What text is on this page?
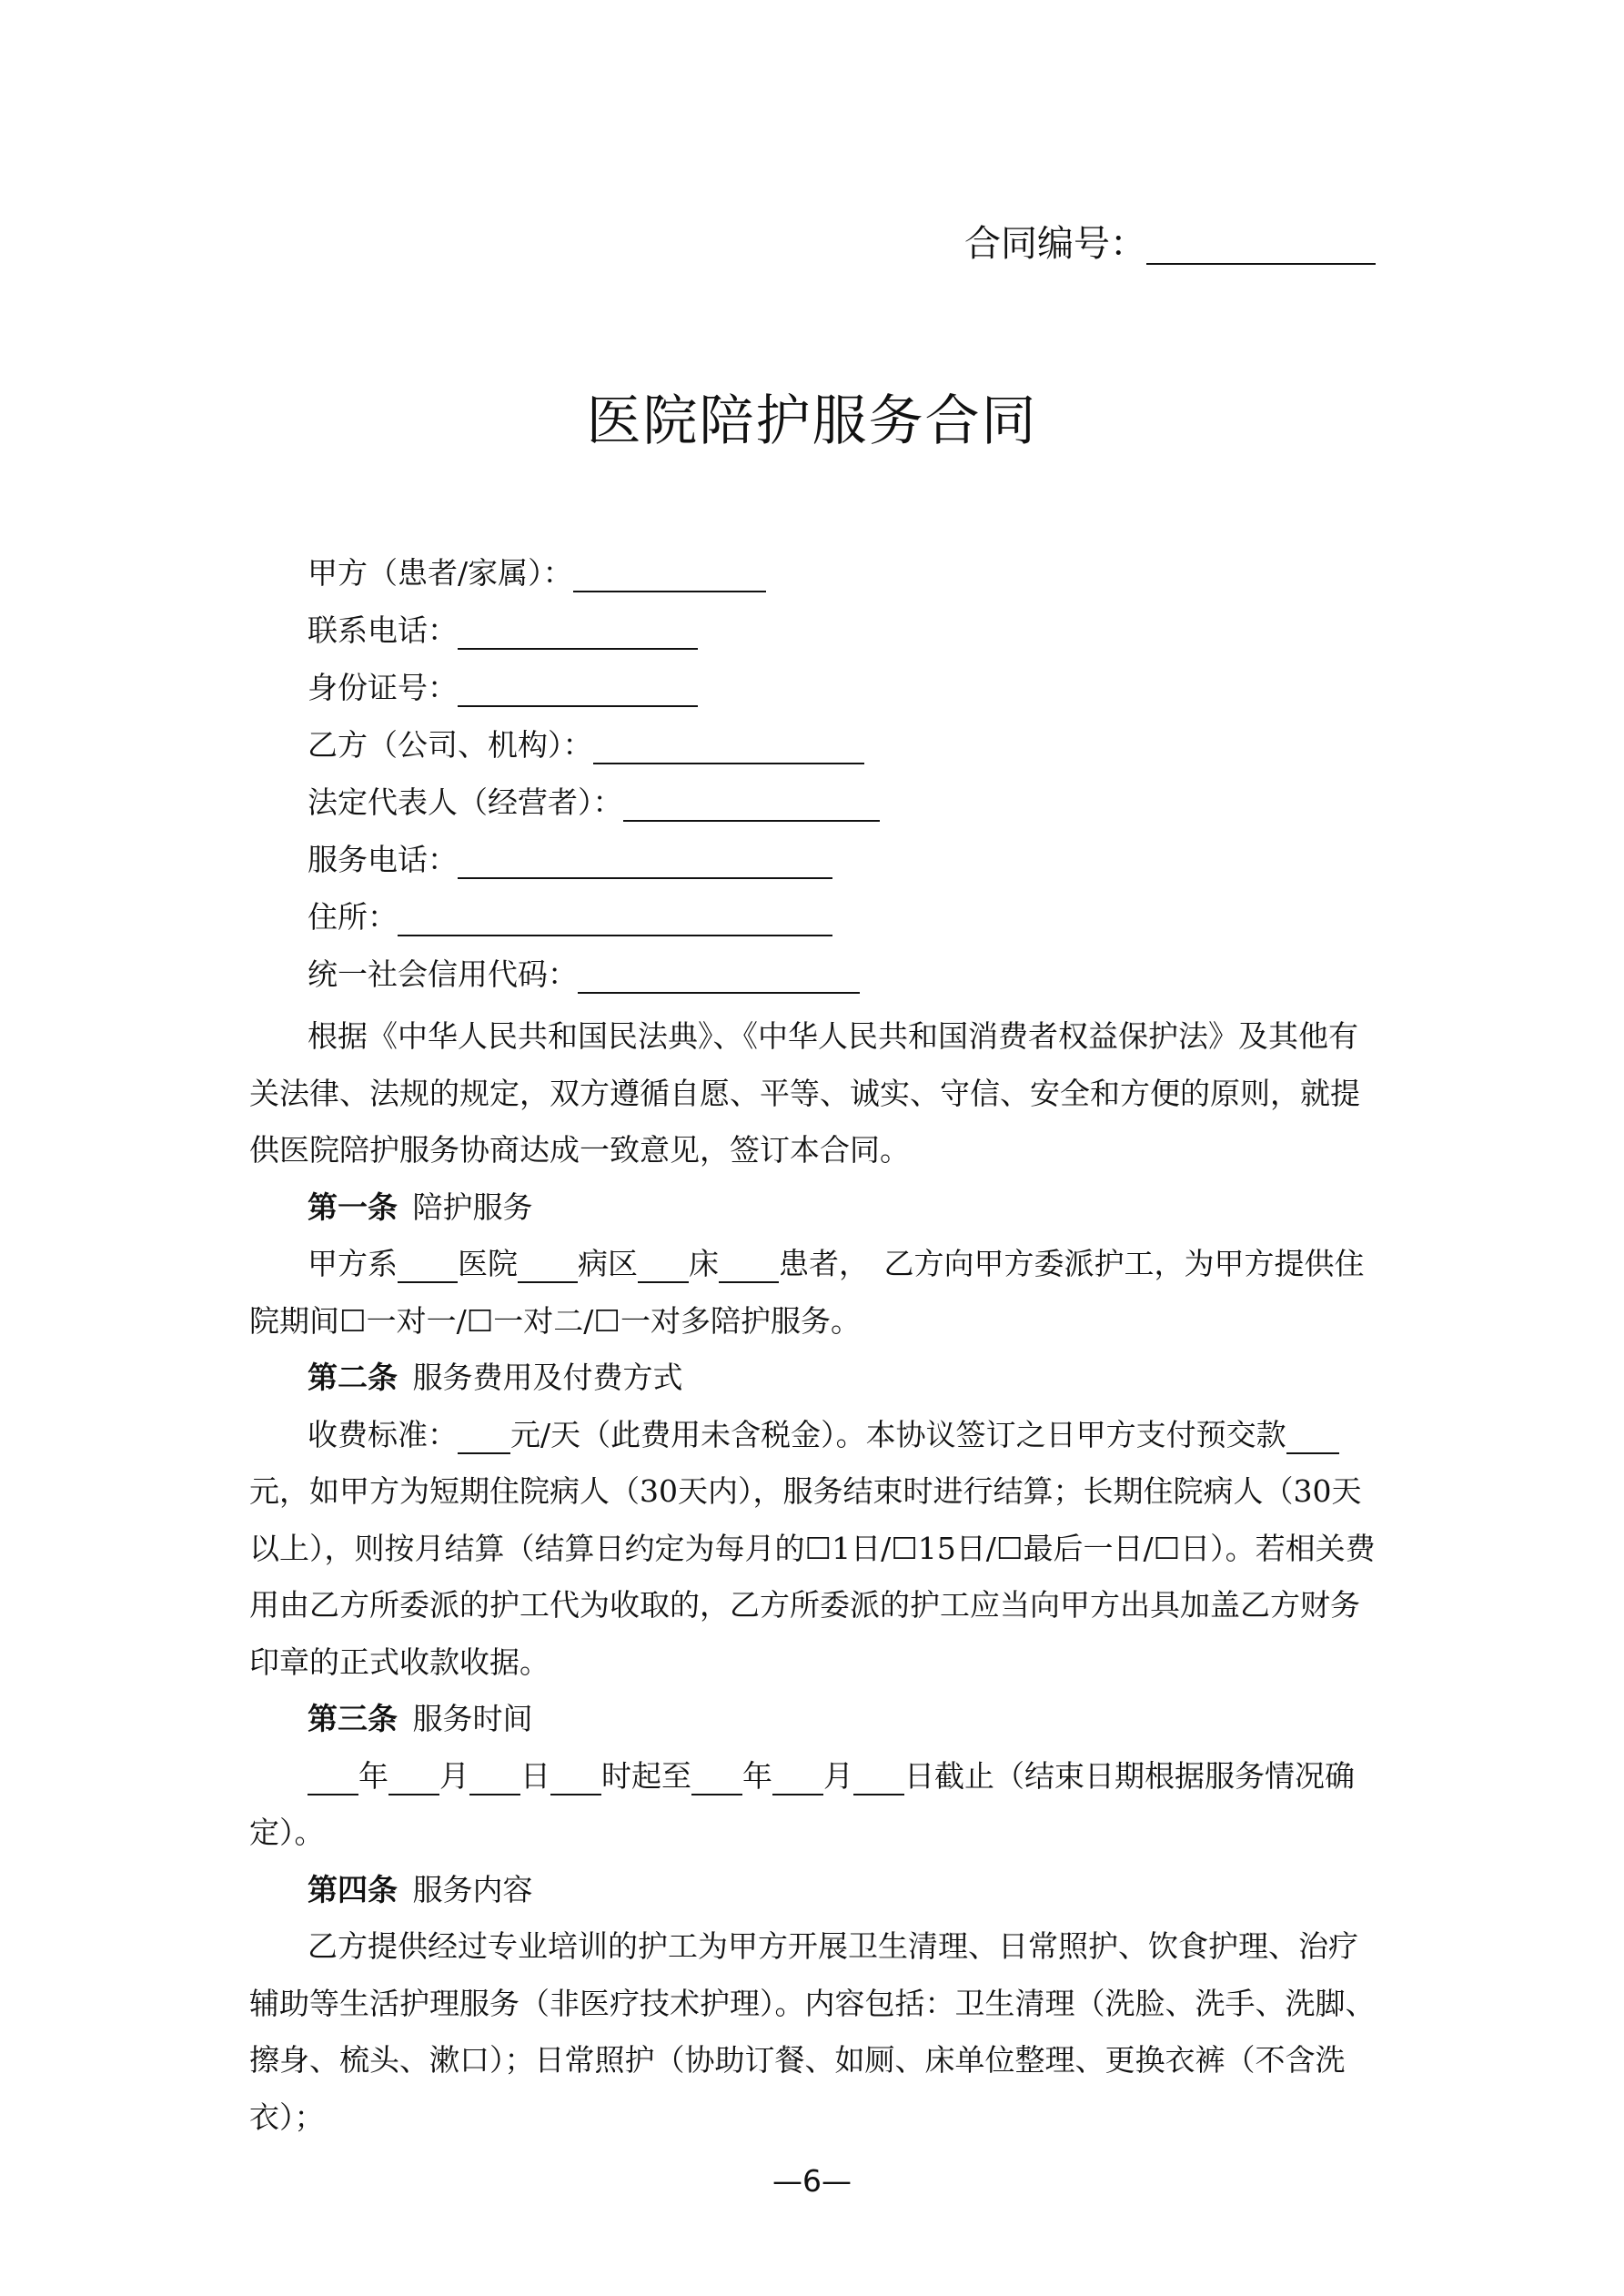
合同编号：
医院陪护服务合同
甲方（患者/家属）：
联系电话：
身份证号：
乙方（公司、机构）：
法定代表人（经营者）：
服务电话：
住所：
统一社会信用代码：

根据《中华人民共和国民法典》、《中华人民共和国消费者权益保护法》及其他有关法律、法规的规定，双方遵循自愿、平等、诚实、守信、安全和方便的原则，就提供医院陪护服务协商达成一致意见，签订本合同。

第一条  陪护服务

甲方系 医院 病区 床 患者，　乙方向甲方委派护工，为甲方提供住院期间☐一对一/☐一对二/☐一对多陪护服务。

第二条  服务费用及付费方式

收费标准： 元/天（此费用未含税金）。本协议签订之日甲方支付预交款元，如甲方为短期住院病人（30天内），服务结束时进行结算；长期住院病人（30天以上），则按月结算（结算日约定为每月的☐1日/☐15日/☐最后一日/☐日）。若相关费用由乙方所委派的护工代为收取的，乙方所委派的护工应当向甲方出具加盖乙方财务印章的正式收款收据。

第三条  服务时间

年 月 日 时起至 年 月 日截止（结束日期根据服务情况确定）。

第四条  服务内容

乙方提供经过专业培训的护工为甲方开展卫生清理、日常照护、饮食护理、治疗辅助等生活护理服务（非医疗技术护理）。内容包括：卫生清理（洗脸、洗手、洗脚、擦身、梳头、漱口）；日常照护（协助订餐、如厕、床单位整理、更换衣裤（不含洗衣）；

—6—
